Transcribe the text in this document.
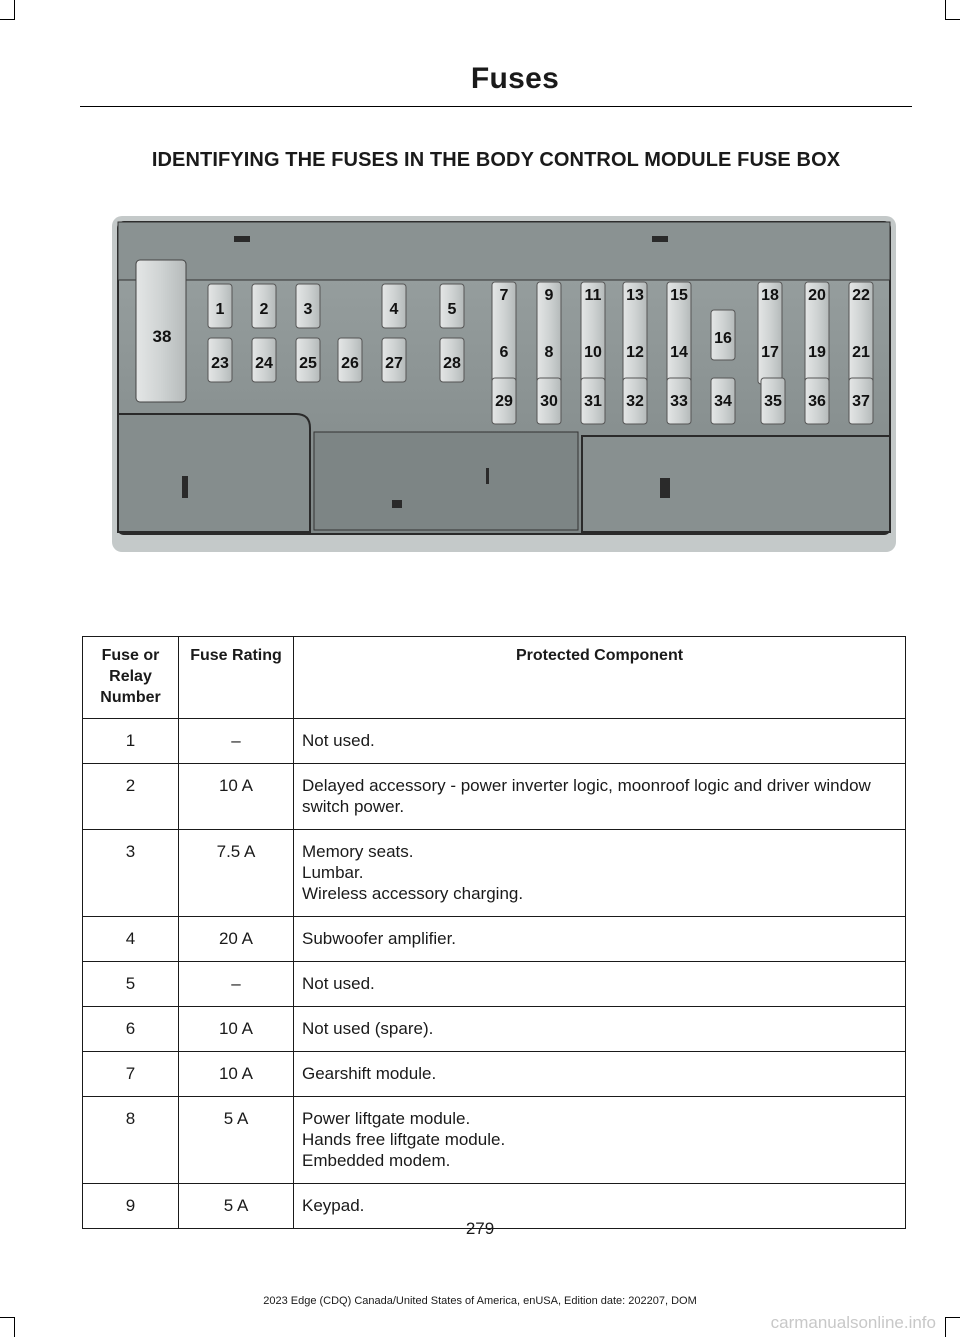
Fuses
IDENTIFYING THE FUSES IN THE BODY CONTROL MODULE FUSE BOX
38
1
23
2
24
3
25 26
4
27
5
28
7
6
9
8
11
10
13
12
15
14
18
17
20
19
22
21
16
29 30 31 32 33 34 35 36 37
Fuse or Relay Number	Fuse Rating	Protected Component
1	–	Not used.

2	10 A	Delayed accessory - power inverter logic, moonroof logic and driver window switch power.

3	7.5 A	Memory seats.
Lumbar.
Wireless accessory charging.

4	20 A	Subwoofer amplifier.

5	–	Not used.

6	10 A	Not used (spare).

7	10 A	Gearshift module.

8	5 A	Power liftgate module.
Hands free liftgate module.
Embedded modem.

9	5 A	Keypad.
279
2023 Edge (CDQ) Canada/United States of America, enUSA, Edition date: 202207, DOM
carmanualsonline.info
